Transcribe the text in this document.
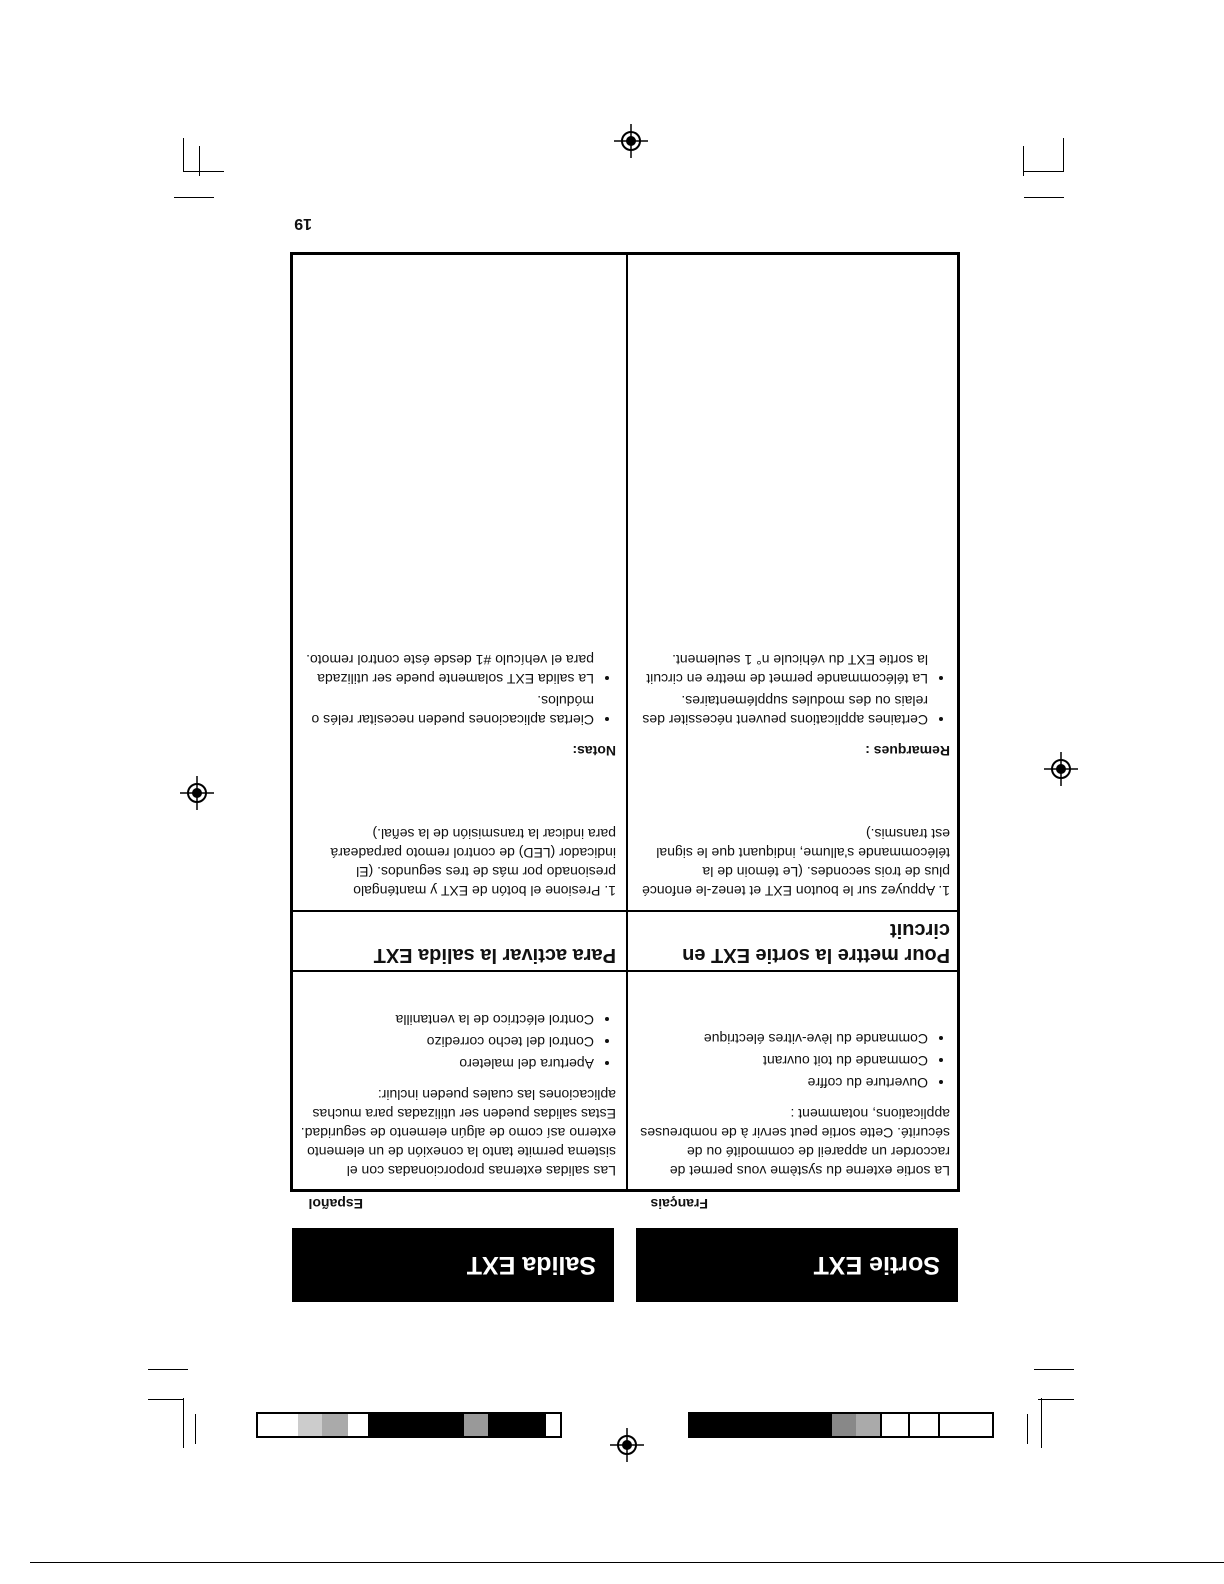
Sortie EXT
Salida EXT
Français
Español

La sortie externe du système vous permet de raccorder un appareil de commodité ou de sécurité. Cette sortie peut servir à de nombreuses applications, notamment :

• Ouverture du coffre
• Commande du toit ouvrant
• Commande du lève-vitres électrique
Pour mettre la sortie EXT en circuit

1. Appuyez sur le bouton EXT et tenez-le enfoncé plus de trois secondes. (Le témoin de la télécommande s'allume, indiquant que le signal est transmis.)

Remarques :

• Certaines applications peuvent nécessiter des relais ou des modules supplémentaires.
• La télécommande permet de mettre en circuit la sortie EXT du véhicule n° 1 seulement.

Las salidas externas proporcionadas con el sistema permite tanto la conexión de un elemento externo así como de algún elemento de seguridad. Estas salidas pueden ser utilizadas para muchas aplicaciones las cuales pueden incluir:

• Apertura del maletero
• Control del techo corredizo
• Control eléctrico de la ventanilla
Para activar la salida EXT

1. Presione el botón de EXT y manténgalo presionado por más de tres segundos. (El indicador (LED) de control remoto parpadeará para indicar la transmisión de la señal.)

Notas:

• Ciertas aplicaciones pueden necesitar relés o módulos.
• La salida EXT solamente puede ser utilizada para el vehículo #1 desde éste control remoto.
19
